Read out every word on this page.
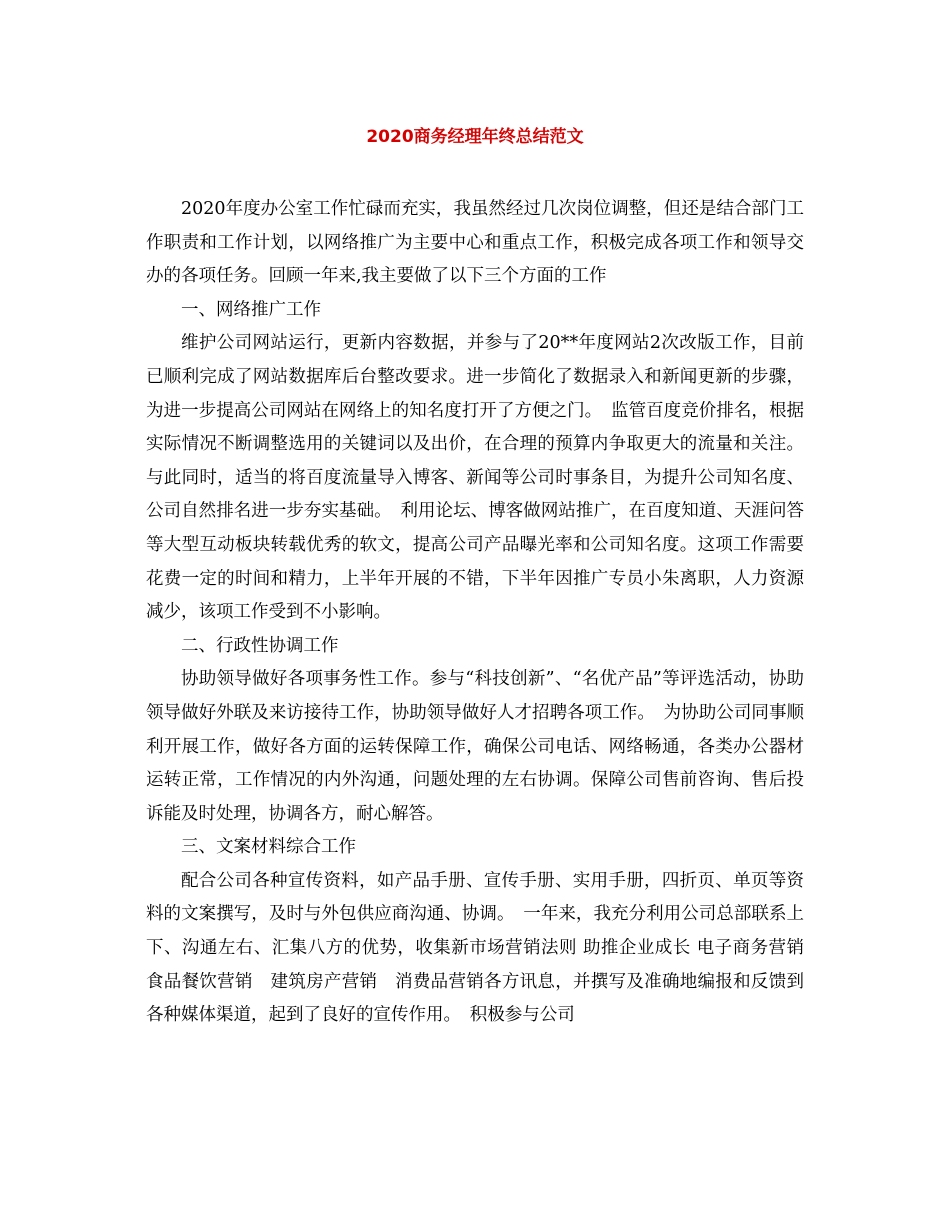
2020商务经理年终总结范文

2020年度办公室工作忙碌而充实，我虽然经过几次岗位调整，但还是结合部门工作职责和工作计划，以网络推广为主要中心和重点工作，积极完成各项工作和领导交办的各项任务。回顾一年来,我主要做了以下三个方面的工作

一、网络推广工作

维护公司网站运行，更新内容数据，并参与了20**年度网站2次改版工作，目前已顺利完成了网站数据库后台整改要求。进一步简化了数据录入和新闻更新的步骤，为进一步提高公司网站在网络上的知名度打开了方便之门。　监管百度竞价排名，根据实际情况不断调整选用的关键词以及出价，在合理的预算内争取更大的流量和关注。与此同时，适当的将百度流量导入博客、新闻等公司时事条目，为提升公司知名度、公司自然排名进一步夯实基础。　利用论坛、博客做网站推广，在百度知道、天涯问答等大型互动板块转载优秀的软文，提高公司产品曝光率和公司知名度。这项工作需要花费一定的时间和精力，上半年开展的不错，下半年因推广专员小朱离职，人力资源减少，该项工作受到不小影响。

二、行政性协调工作

协助领导做好各项事务性工作。参与“科技创新”、“名优产品”等评选活动，协助领导做好外联及来访接待工作，协助领导做好人才招聘各项工作。　为协助公司同事顺利开展工作，做好各方面的运转保障工作，确保公司电话、网络畅通，各类办公器材运转正常，工作情况的内外沟通，问题处理的左右协调。保障公司售前咨询、售后投诉能及时处理，协调各方，耐心解答。

三、文案材料综合工作

配合公司各种宣传资料，如产品手册、宣传手册、实用手册，四折页、单页等资料的文案撰写，及时与外包供应商沟通、协调。　一年来，我充分利用公司总部联系上下、沟通左右、汇集八方的优势，收集新市场营销法则 助推企业成长 电子商务营销　食品餐饮营销　建筑房产营销　消费品营销各方讯息，并撰写及准确地编报和反馈到各种媒体渠道，起到了良好的宣传作用。　积极参与公司
